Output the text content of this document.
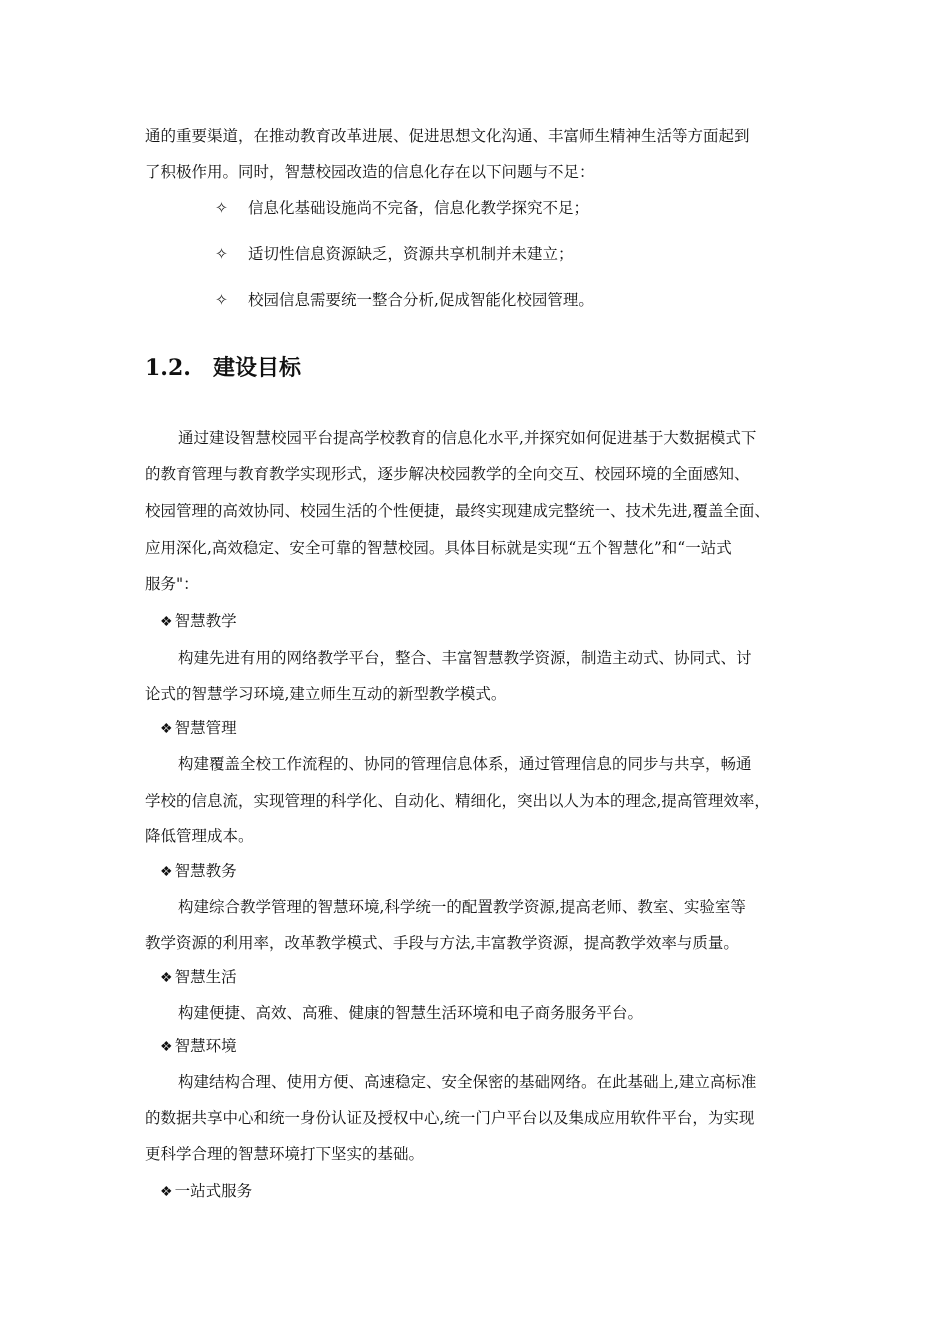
通的重要渠道，在推动教育改革进展、促进思想文化沟通、丰富师生精神生活等方面起到
了积极作用。同时，智慧校园改造的信息化存在以下问题与不足：
✧ 信息化基础设施尚不完备，信息化教学探究不足；
✧ 适切性信息资源缺乏，资源共享机制并未建立；
✧ 校园信息需要统一整合分析,促成智能化校园管理。
1.2. 建设目标
通过建设智慧校园平台提高学校教育的信息化水平,并探究如何促进基于大数据模式下
的教育管理与教育教学实现形式，逐步解决校园教学的全向交互、校园环境的全面感知、
校园管理的高效协同、校园生活的个性便捷，最终实现建成完整统一、技术先进,覆盖全面、
应用深化,高效稳定、安全可靠的智慧校园。具体目标就是实现“五个智慧化”和“一站式
服务"：
❖ 智慧教学
构建先进有用的网络教学平台，整合、丰富智慧教学资源，制造主动式、协同式、讨
论式的智慧学习环境,建立师生互动的新型教学模式。
❖ 智慧管理
构建覆盖全校工作流程的、协同的管理信息体系，通过管理信息的同步与共享，畅通
学校的信息流，实现管理的科学化、自动化、精细化，突出以人为本的理念,提高管理效率，
降低管理成本。
❖ 智慧教务
构建综合教学管理的智慧环境,科学统一的配置教学资源,提高老师、教室、实验室等
教学资源的利用率，改革教学模式、手段与方法,丰富教学资源，提高教学效率与质量。
❖ 智慧生活
构建便捷、高效、高雅、健康的智慧生活环境和电子商务服务平台。
❖ 智慧环境
构建结构合理、使用方便、高速稳定、安全保密的基础网络。在此基础上,建立高标准
的数据共享中心和统一身份认证及授权中心,统一门户平台以及集成应用软件平台，为实现
更科学合理的智慧环境打下坚实的基础。
❖ 一站式服务
